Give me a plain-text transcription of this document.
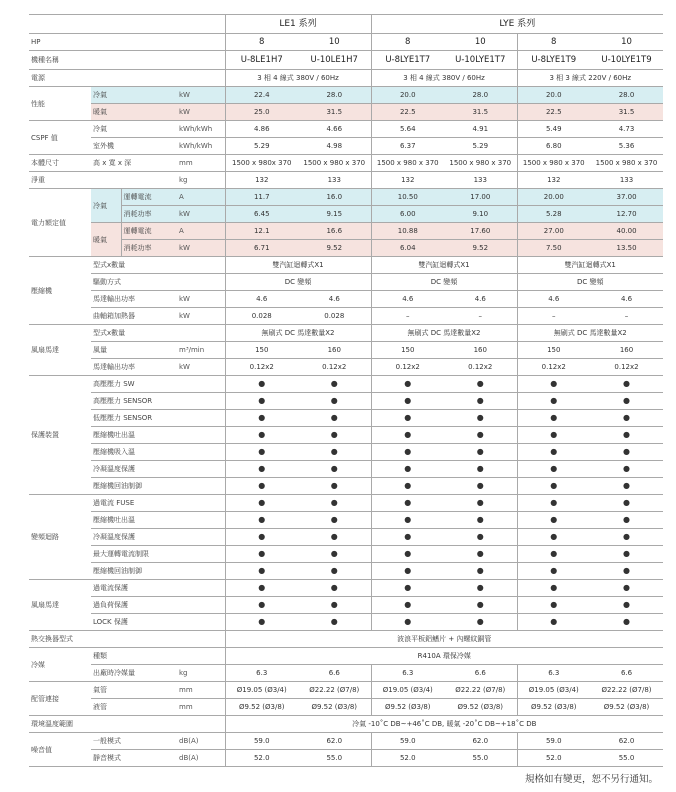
				LE1 系列		LYE 系列			
HP				8	10	8	10	8	10
機種名稱				U-8LE1H7	U-10LE1H7	U-8LYE1T7	U-10LYE1T7	U-8LYE1T9	U-10LYE1T9
電源				3 相 4 線式 380V / 60Hz		3 相 4 線式 380V / 60Hz		3 相 3 線式 220V / 60Hz	
性能	冷氣		kW	22.4	28.0	20.0	28.0	20.0	28.0
	暖氣		kW	25.0	31.5	22.5	31.5	22.5	31.5
CSPF 值	冷氣		kWh/kWh	4.86	4.66	5.64	4.91	5.49	4.73
	室外機		kWh/kWh	5.29	4.98	6.37	5.29	6.80	5.36
本體尺寸	高 x 寬 x 深		mm	1500 x 980x 370	1500 x 980 x 370	1500 x 980 x 370	1500 x 980 x 370	1500 x 980 x 370	1500 x 980 x 370
淨重			kg	132	133	132	133	132	133
電力額定值	冷氣	運轉電流	A	11.7	16.0	10.50	17.00	20.00	37.00
		消耗功率	kW	6.45	9.15	6.00	9.10	5.28	12.70
	暖氣	運轉電流	A	12.1	16.6	10.88	17.60	27.00	40.00
		消耗功率	kW	6.71	9.52	6.04	9.52	7.50	13.50
壓縮機	型式x數量			雙汽缸迴轉式X1		雙汽缸迴轉式X1		雙汽缸迴轉式X1	
	驅動方式			DC 變頻		DC 變頻		DC 變頻	
	馬達輸出功率		kW	4.6	4.6	4.6	4.6	4.6	4.6
	曲軸箱加熱器		kW	0.028	0.028	–	–	–	–
風扇馬達	型式x數量			無刷式 DC 馬達數量X2		無刷式 DC 馬達數量X2		無刷式 DC 馬達數量X2	
	風量		m³/min	150	160	150	160	150	160
	馬達輸出功率		kW	0.12x2	0.12x2	0.12x2	0.12x2	0.12x2	0.12x2
保護裝置	高壓壓力 SW			●	●	●	●	●	●
	高壓壓力 SENSOR			●	●	●	●	●	●
	低壓壓力 SENSOR			●	●	●	●	●	●
	壓縮機吐出溫			●	●	●	●	●	●
	壓縮機吸入溫			●	●	●	●	●	●
	冷凝溫度保護			●	●	●	●	●	●
	壓縮機回油制御			●	●	●	●	●	●
變頻迴路	過電流 FUSE			●	●	●	●	●	●
	壓縮機吐出溫			●	●	●	●	●	●
	冷凝溫度保護			●	●	●	●	●	●
	最大運轉電流制限			●	●	●	●	●	●
	壓縮機回油制御			●	●	●	●	●	●
風扇馬達	過電流保護			●	●	●	●	●	●
	過負荷保護			●	●	●	●	●	●
	LOCK 保護			●	●	●	●	●	●
熱交換器型式				波浪平板鋁鰭片 + 內螺紋銅管					
冷媒	種類			R410A 環保冷媒					
	出廠時冷媒量		kg	6.3	6.6	6.3	6.6	6.3	6.6
配管連接	氣管		mm	Ø19.05 (Ø3/4)	Ø22.22 (Ø7/8)	Ø19.05 (Ø3/4)	Ø22.22 (Ø7/8)	Ø19.05 (Ø3/4)	Ø22.22 (Ø7/8)
	液管		mm	Ø9.52 (Ø3/8)	Ø9.52 (Ø3/8)	Ø9.52 (Ø3/8)	Ø9.52 (Ø3/8)	Ø9.52 (Ø3/8)	Ø9.52 (Ø3/8)
環境溫度範圍				冷氣 -10˚C DB~+46˚C DB, 暖氣 -20˚C DB~+18˚C DB					
噪音值	一般模式		dB(A)	59.0	62.0	59.0	62.0	59.0	62.0
	靜音模式		dB(A)	52.0	55.0	52.0	55.0	52.0	55.0
規格如有變更，恕不另行通知。
